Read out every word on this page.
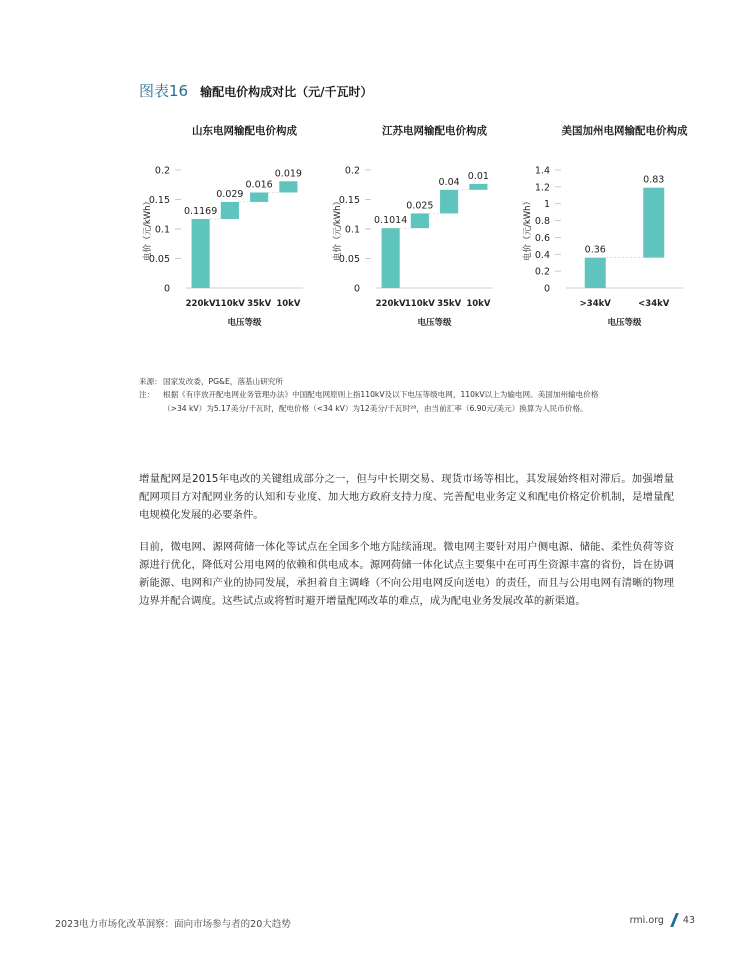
图表16 输配电价构成对比（元/千瓦时）
山东电网输配电价构成
0
0.05
0.1
0.15
0.2
电价（元/kWh）	0.1169
220kV
0.029
110kV
0.016
35kV
0.019
10kV
电压等级
江苏电网输配电价构成
0
0.05
0.1
0.15
0.2
电价（元/kWh）	0.1014
220kV
0.025
110kV
0.04
35kV
0.01
10kV
电压等级
美国加州电网输配电价构成
0
0.2
0.4
0.6
0.8
1
1.2
1.4
电价（元/kWh）	0.36
>34kV
0.83
<34kV
电压等级
来源： 国家发改委，PG&E，落基山研究所
注：	根据《有序放开配电网业务管理办法》中国配电网原则上指110kV及以下电压等级电网，110kV以上为输电网。美国加州输电价格（>34 kV）为5.17美分/千瓦时，配电价格（<34 kV）为12美分/千瓦时²⁸，由当前汇率（6.90元/美元）换算为人民币价格。

增量配网是2015年电改的关键组成部分之一，但与中长期交易、现货市场等相比，其发展始终相对滞后。加强增量配网项目方对配网业务的认知和专业度、加大地方政府支持力度、完善配电业务定义和配电价格定价机制，是增量配电规模化发展的必要条件。

目前，微电网、源网荷储一体化等试点在全国多个地方陆续涌现。微电网主要针对用户侧电源、储能、柔性负荷等资源进行优化，降低对公用电网的依赖和供电成本。源网荷储一体化试点主要集中在可再生资源丰富的省份，旨在协调新能源、电网和产业的协同发展，承担着自主调峰（不向公用电网反向送电）的责任，而且与公用电网有清晰的物理边界并配合调度。这些试点或将暂时避开增量配网改革的难点，成为配电业务发展改革的新渠道。

2023电力市场化改革洞察：面向市场参与者的20大趋势	rmi.org 43
